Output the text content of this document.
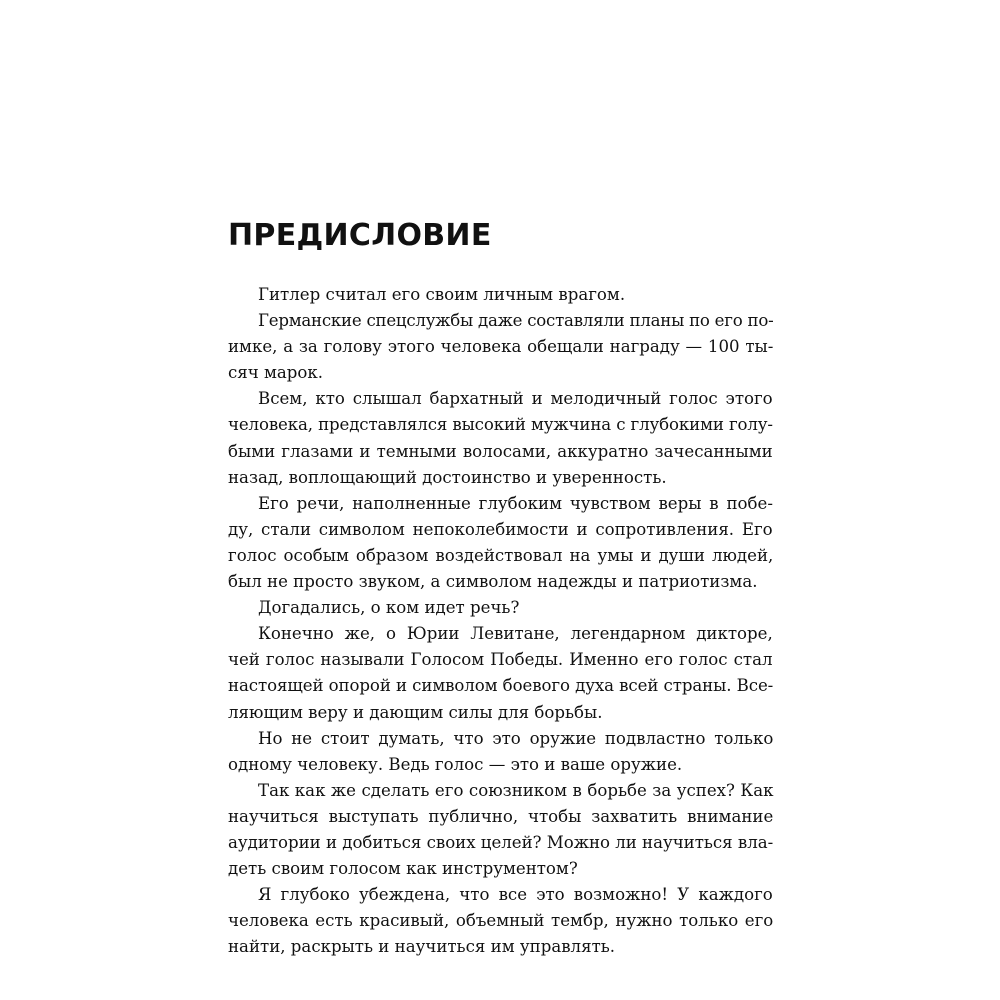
ПРЕДИСЛОВИЕ
Гитлер считал его своим личным врагом.
Германские спецслужбы даже составляли планы по его по-
имке, а за голову этого человека обещали награду — 100 ты-
сяч марок.
Всем, кто слышал бархатный и мелодичный голос этого
человека, представлялся высокий мужчина с глубокими голу-
быми глазами и темными волосами, аккуратно зачесанными
назад, воплощающий достоинство и уверенность.
Его речи, наполненные глубоким чувством веры в побе-
ду, стали символом непоколебимости и сопротивления. Его
голос особым образом воздействовал на умы и души людей,
был не просто звуком, а символом надежды и патриотизма.
Догадались, о ком идет речь?
Конечно же, о Юрии Левитане, легендарном дикторе,
чей голос называли Голосом Победы. Именно его голос стал
настоящей опорой и символом боевого духа всей страны. Все-
ляющим веру и дающим силы для борьбы.
Но не стоит думать, что это оружие подвластно только
одному человеку. Ведь голос — это и ваше оружие.
Так как же сделать его союзником в борьбе за успех? Как
научиться выступать публично, чтобы захватить внимание
аудитории и добиться своих целей? Можно ли научиться вла-
деть своим голосом как инструментом?
Я глубоко убеждена, что все это возможно! У каждого
человека есть красивый, объемный тембр, нужно только его
найти, раскрыть и научиться им управлять.
